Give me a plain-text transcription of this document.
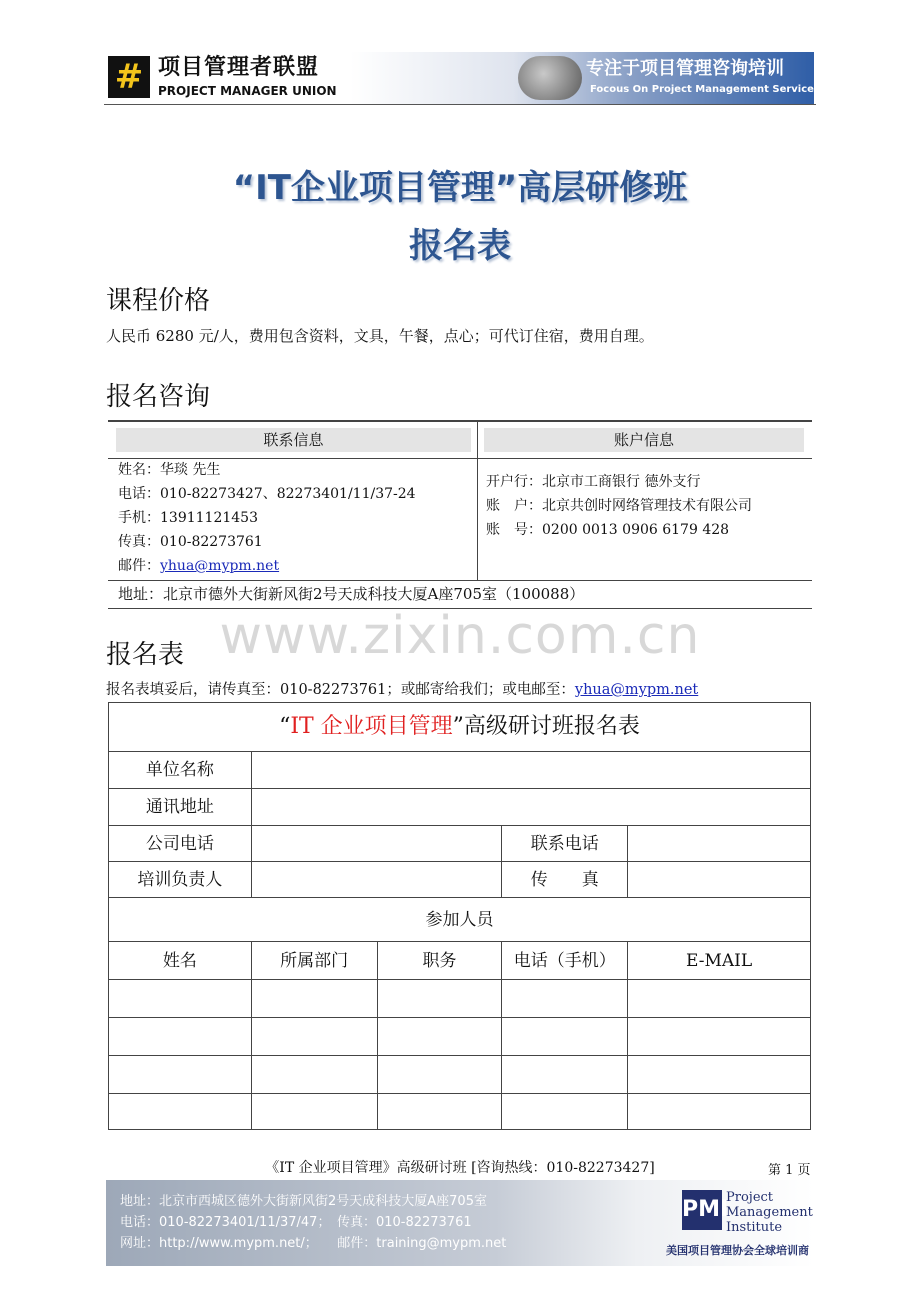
# 项目管理者联盟
PROJECT MANAGER UNION
专注于项目管理咨询培训
Focous On Project Management Service
“IT企业项目管理”高层研修班
报名表
课程价格
人民币 6280 元/人，费用包含资料，文具，午餐，点心；可代订住宿，费用自理。
报名咨询
联系信息	账户信息
姓名：华琰 先生
电话：010-82273427、82273401/11/37-24
手机：13911121453
传真：010-82273761
邮件：yhua@mypm.net
开户行：北京市工商银行 德外支行
账　户：北京共创时网络管理技术有限公司
账　号：0200 0013 0906 6179 428
地址：北京市德外大街新风街2号天成科技大厦A座705室（100088）
www.zixin.com.cn
报名表
报名表填妥后，请传真至：010-82273761；或邮寄给我们；或电邮至：yhua@mypm.net
“IT 企业项目管理”高级研讨班报名表				
单位名称				
通讯地址				
公司电话			联系电话	
培训负责人			传　　真	
参加人员				
姓名	所属部门	职务	电话（手机）	E-MAIL

《IT 企业项目管理》高级研讨班 [咨询热线：010-82273427]	第 1 页
地址：北京市西城区德外大街新风街2号天成科技大厦A座705室
电话：010-82273401/11/37/47；　传真：010-82273761
网址：http://www.mypm.net/；　　邮件：training@mypm.net
PMI
Project
Management
Institute
美国项目管理协会全球培训商
